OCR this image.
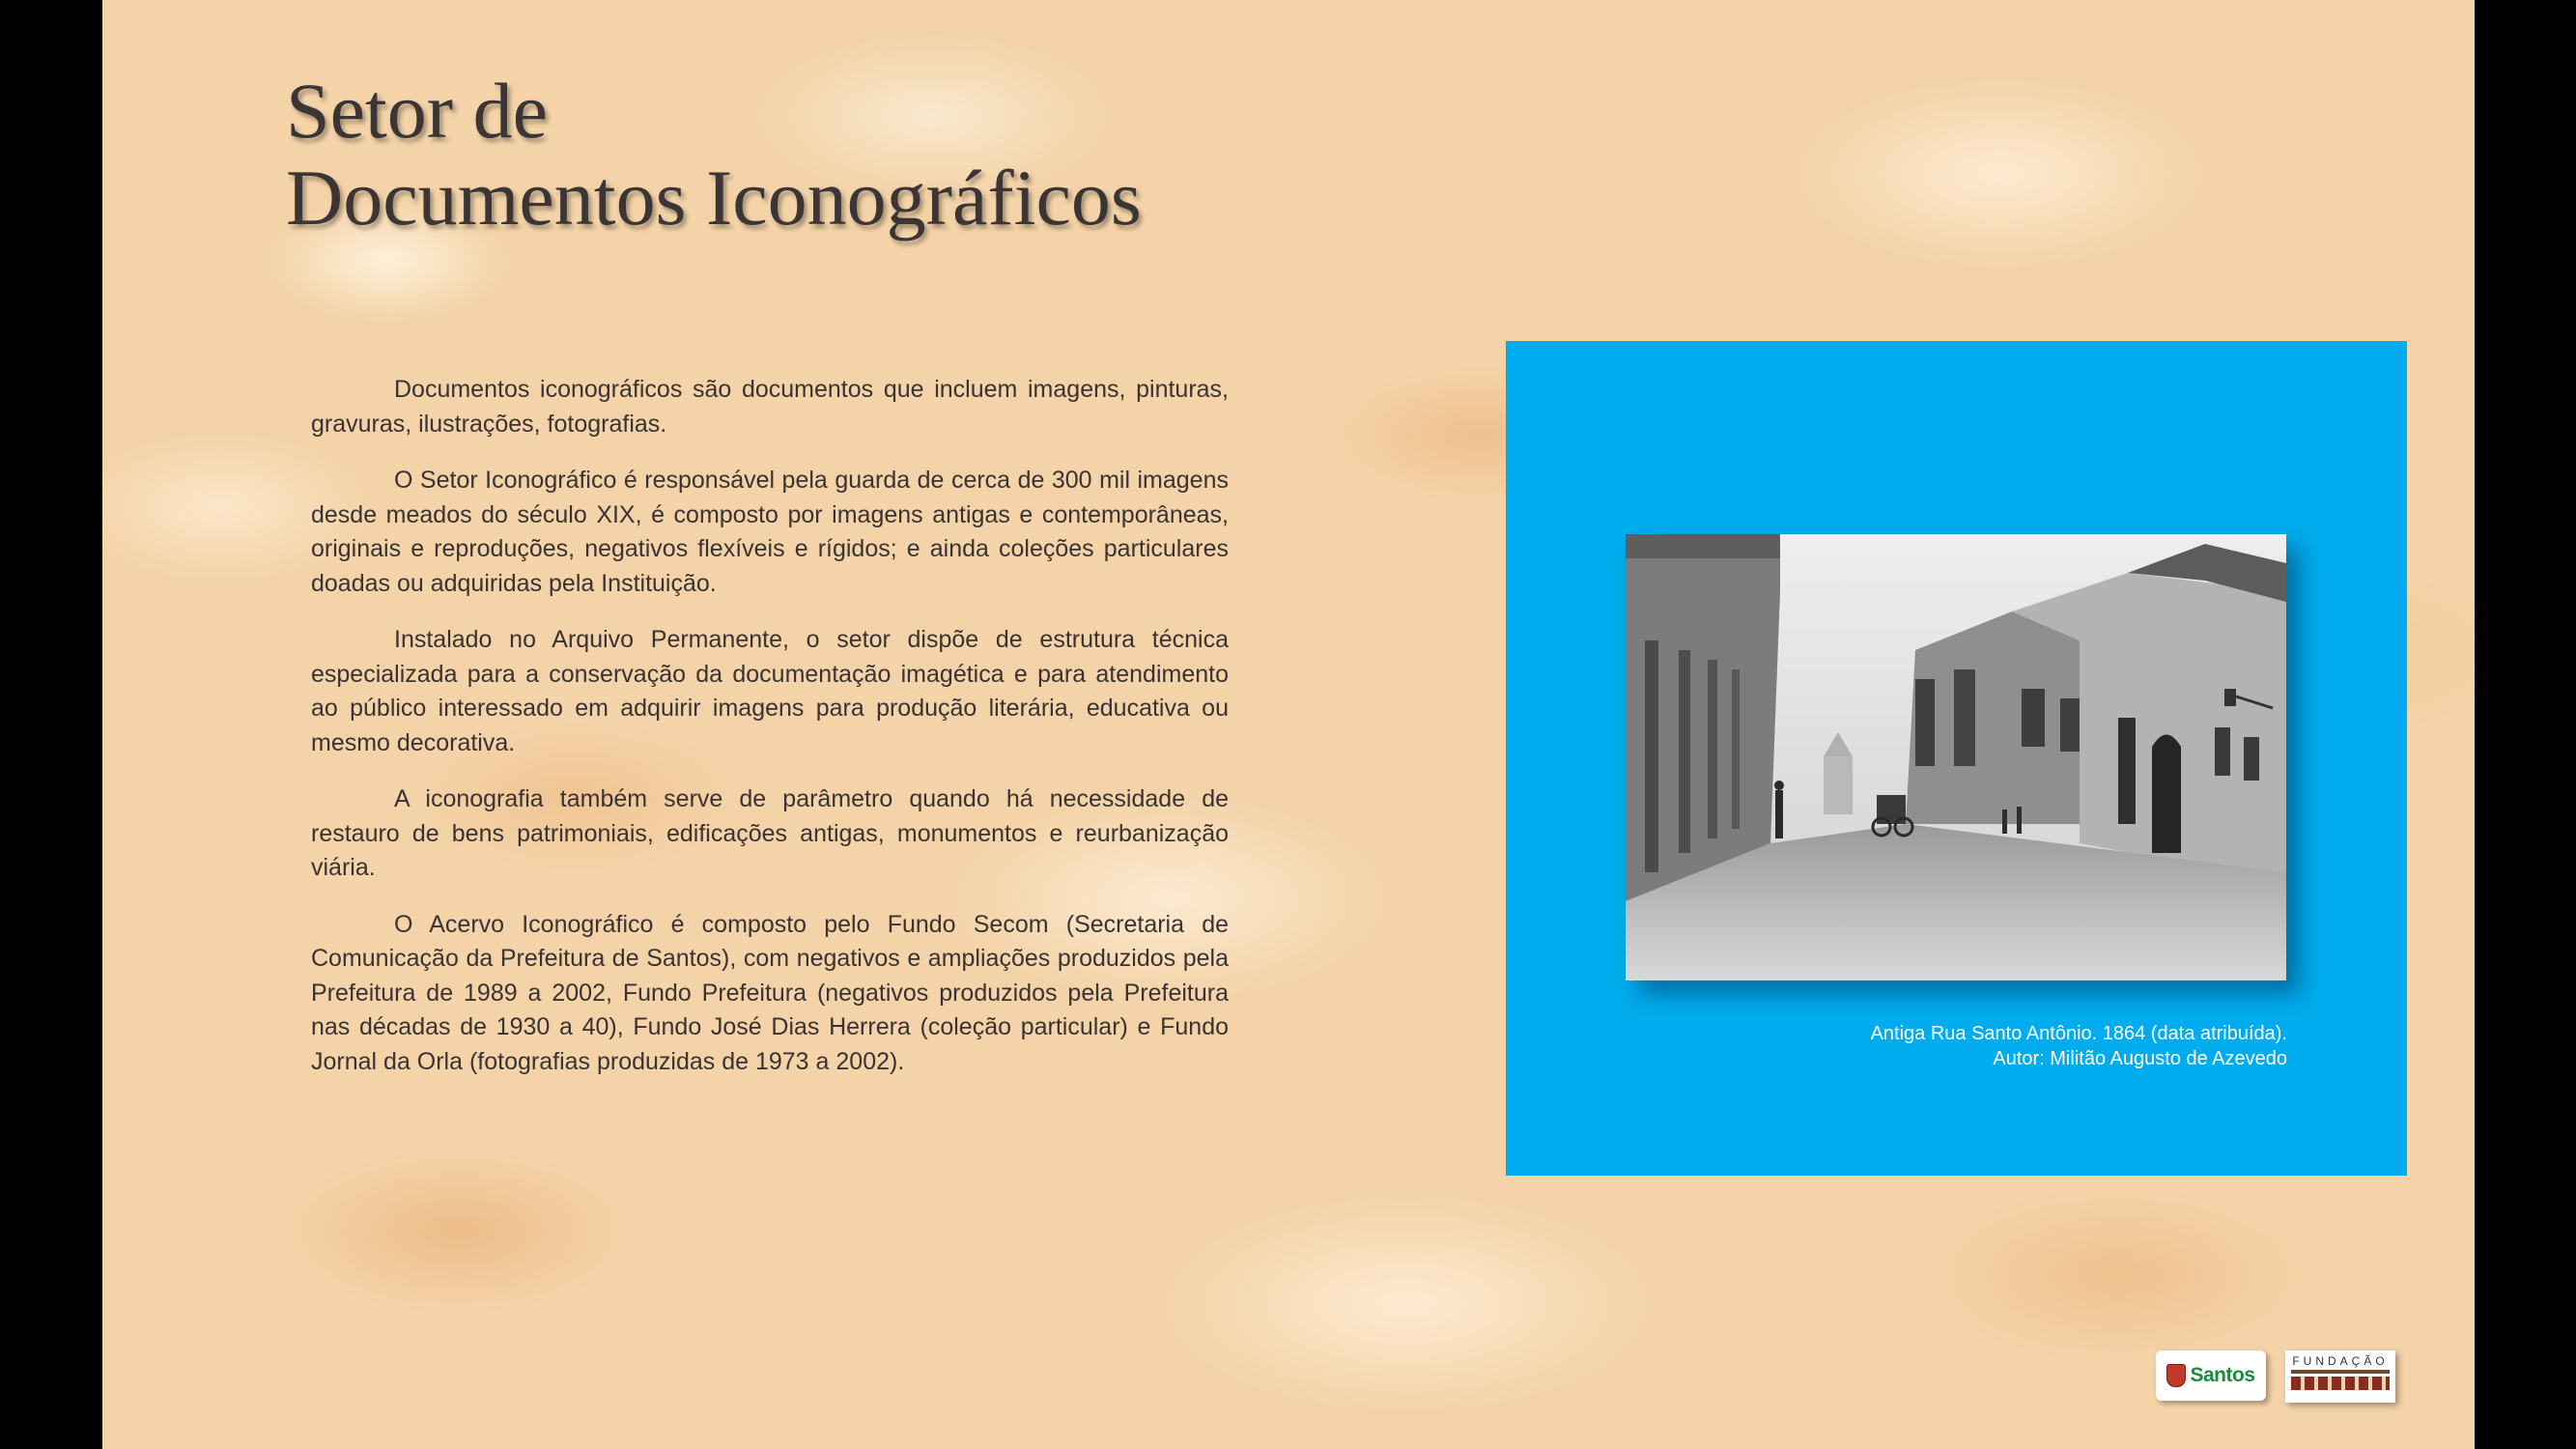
Setor de
Documentos Iconográficos

Documentos iconográficos são documentos que incluem imagens, pinturas, gravuras, ilustrações, fotografias.

O Setor Iconográfico é responsável pela guarda de cerca de 300 mil imagens desde meados do século XIX, é composto por imagens antigas e contemporâneas, originais e reproduções, negativos flexíveis e rígidos; e ainda coleções particulares doadas ou adquiridas pela Instituição.

Instalado no Arquivo Permanente, o setor dispõe de estrutura técnica especializada para a conservação da documentação imagética e para atendimento ao público interessado em adquirir imagens para produção literária, educativa ou mesmo decorativa.

A iconografia também serve de parâmetro quando há necessidade de restauro de bens patrimoniais, edificações antigas, monumentos e reurbanização viária.

O Acervo Iconográfico é composto pelo Fundo Secom (Secretaria de Comunicação da Prefeitura de Santos), com negativos e ampliações produzidos pela Prefeitura de 1989 a 2002, Fundo Prefeitura (negativos produzidos pela Prefeitura nas décadas de 1930 a 40), Fundo José Dias Herrera (coleção particular) e Fundo Jornal da Orla (fotografias produzidas de 1973 a 2002).

Antiga Rua Santo Antônio. 1864 (data atribuída).
Autor: Militão Augusto de Azevedo
Santos
FUNDAÇÃO
